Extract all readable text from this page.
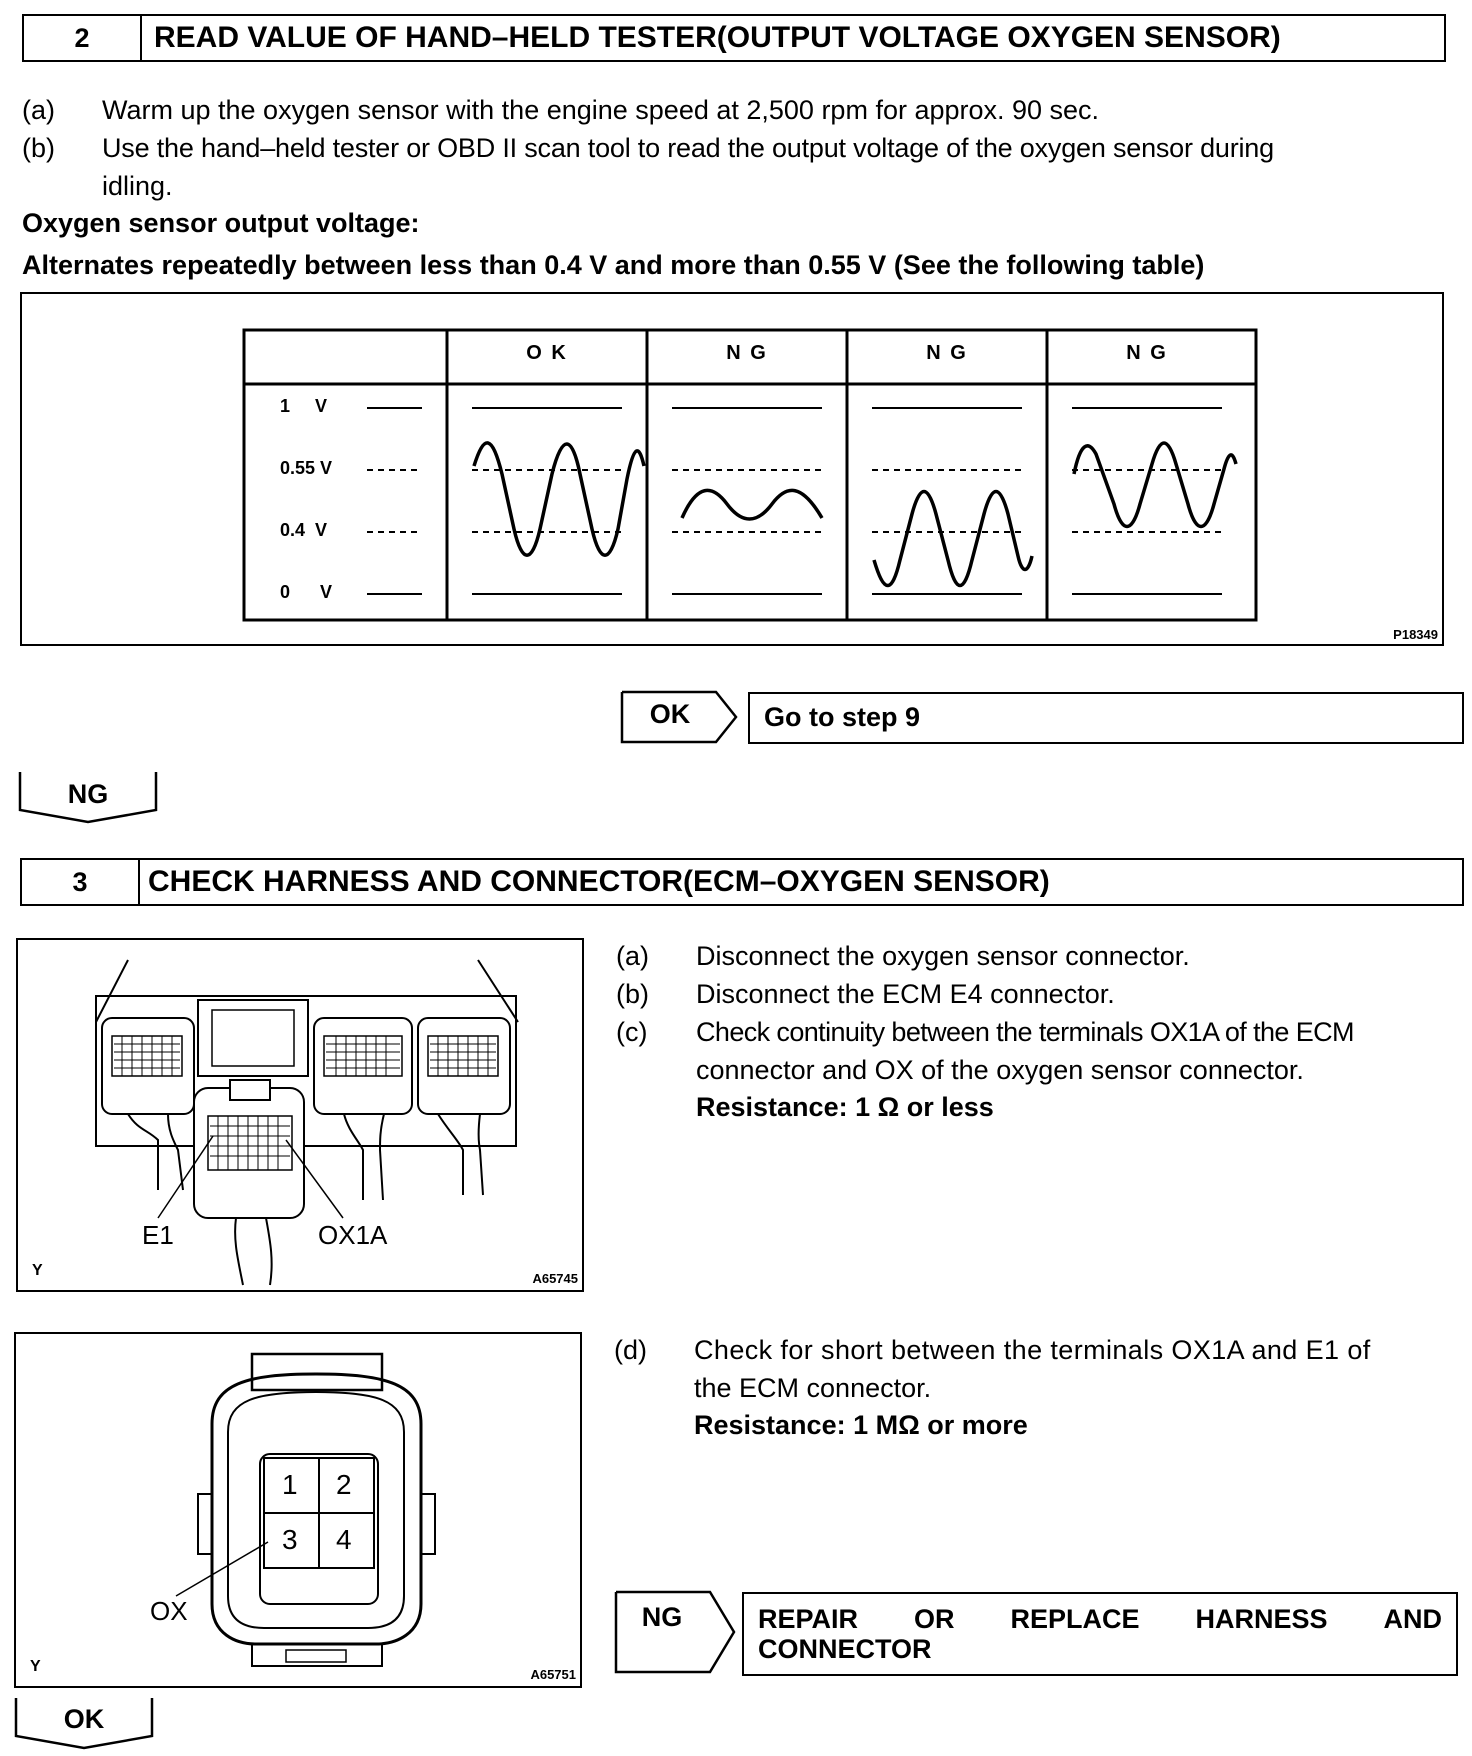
2	READ VALUE OF HAND–HELD TESTER(OUTPUT VOLTAGE OXYGEN SENSOR)
(a)	Warm up the oxygen sensor with the engine speed at 2,500 rpm for approx. 90 sec.
(b)	Use the hand–held tester or OBD II scan tool to read the output voltage of the oxygen sensor during
idling.
Oxygen sensor output voltage:
Alternates repeatedly between less than 0.4 V and more than 0.55 V (See the following table)
O K	N G	N G	N G
1     V
0.55 V
0.4  V
0      V
P18349
OK	Go to step 9
NG
3	CHECK HARNESS AND CONNECTOR(ECM–OXYGEN SENSOR)
E1	OX1A
Y	A65745
(a)	Disconnect the oxygen sensor connector.
(b)	Disconnect the ECM E4 connector.
(c)	Check continuity between the terminals OX1A of the ECM
connector and OX of the oxygen sensor connector.
Resistance: 1 Ω or less
1 2
3 4
OX
Y	A65751
(d)	Check for short between the terminals OX1A and E1 of
the ECM connector.
Resistance: 1 MΩ or more
NG	REPAIR OR REPLACE HARNESS AND
CONNECTOR
OK
